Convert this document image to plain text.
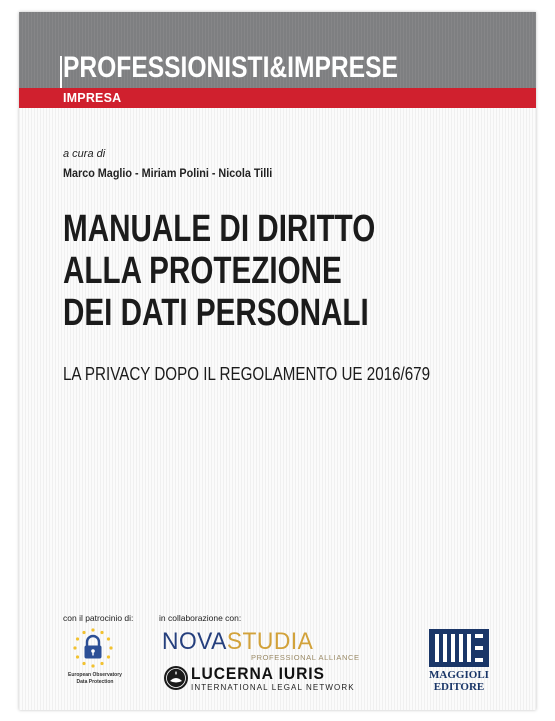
PROFESSIONISTI&IMPRESE
IMPRESA
a cura di
Marco Maglio - Miriam Polini - Nicola Tilli
MANUALE DI DIRITTO
ALLA PROTEZIONE
DEI DATI PERSONALI
LA PRIVACY DOPO IL REGOLAMENTO UE 2016/679
con il patrocinio di:	in collaborazione con:
European Observatory
Data Protection
NOVASTUDIA
PROFESSIONAL ALLIANCE
LUCERNA IURIS
INTERNATIONAL LEGAL NETWORK
MAGGIOLI
EDITORE
